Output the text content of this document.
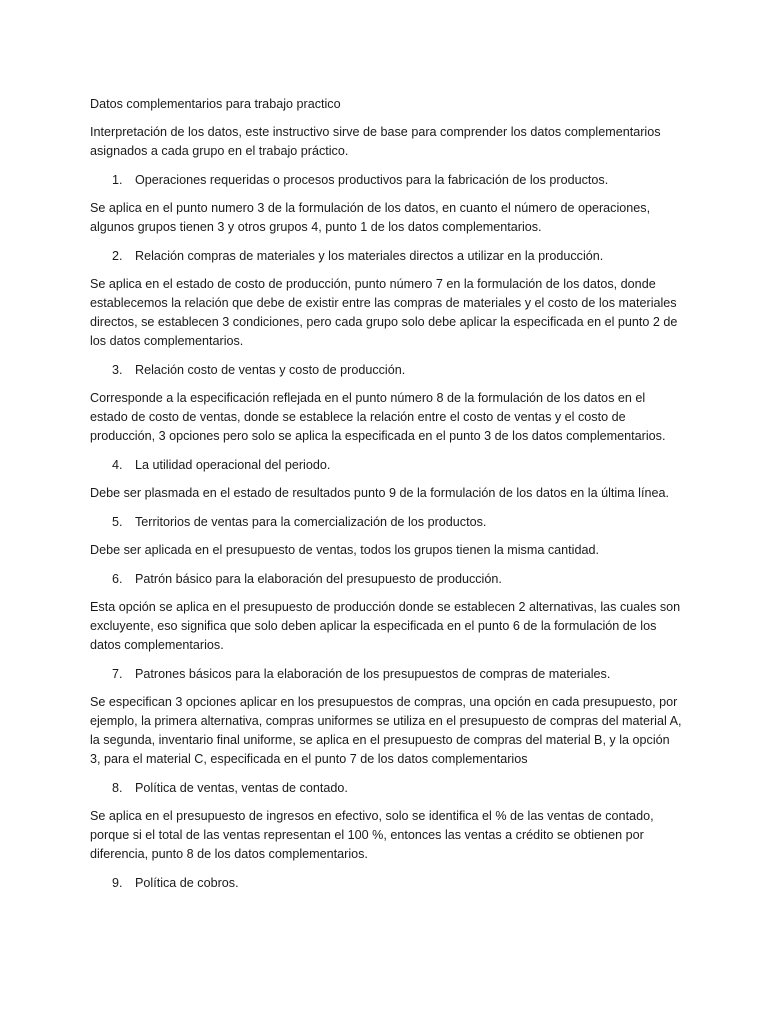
Datos complementarios para trabajo practico

Interpretación de los datos, este instructivo sirve de base para comprender los datos complementarios asignados a cada grupo en el trabajo práctico.

1. Operaciones requeridas o procesos productivos para la fabricación de los productos.

Se aplica en el punto numero 3 de la formulación de los datos, en cuanto el número de operaciones, algunos grupos tienen 3 y otros grupos 4, punto 1 de los datos complementarios.

2. Relación compras de materiales y los materiales directos a utilizar en la producción.

Se aplica en el estado de costo de producción, punto número 7 en la formulación de los datos, donde establecemos la relación que debe de existir entre las compras de materiales y el costo de los materiales directos, se establecen 3 condiciones, pero cada grupo solo debe aplicar la especificada en el punto 2 de los datos complementarios.

3. Relación costo de ventas y costo de producción.

Corresponde a la especificación reflejada en el punto número 8 de la formulación de los datos en el estado de costo de ventas, donde se establece la relación entre el costo de ventas y el costo de producción, 3 opciones pero solo se aplica la especificada en el punto 3 de los datos complementarios.

4. La utilidad operacional del periodo.

Debe ser plasmada en el estado de resultados punto 9 de la formulación de los datos en la última línea.

5. Territorios de ventas para la comercialización de los productos.

Debe ser aplicada en el presupuesto de ventas, todos los grupos tienen la misma cantidad.

6. Patrón básico para la elaboración del presupuesto de producción.

Esta opción se aplica en el presupuesto de producción donde se establecen 2 alternativas, las cuales son excluyente, eso significa que solo deben aplicar la especificada en el punto 6 de la formulación de los datos complementarios.

7. Patrones básicos para la elaboración de los presupuestos de compras de materiales.

Se especifican 3 opciones aplicar en los presupuestos de compras, una opción en cada presupuesto, por ejemplo, la primera alternativa, compras uniformes se utiliza en el presupuesto de compras del material A, la segunda, inventario final uniforme, se aplica en el presupuesto de compras del material B, y la opción 3, para el material C, especificada en el punto 7 de los datos complementarios

8. Política de ventas, ventas de contado.

Se aplica en el presupuesto de ingresos en efectivo, solo se identifica el % de las ventas de contado, porque si el total de las ventas representan el 100 %, entonces las ventas a crédito se obtienen por diferencia, punto 8 de los datos complementarios.

9. Política de cobros.
